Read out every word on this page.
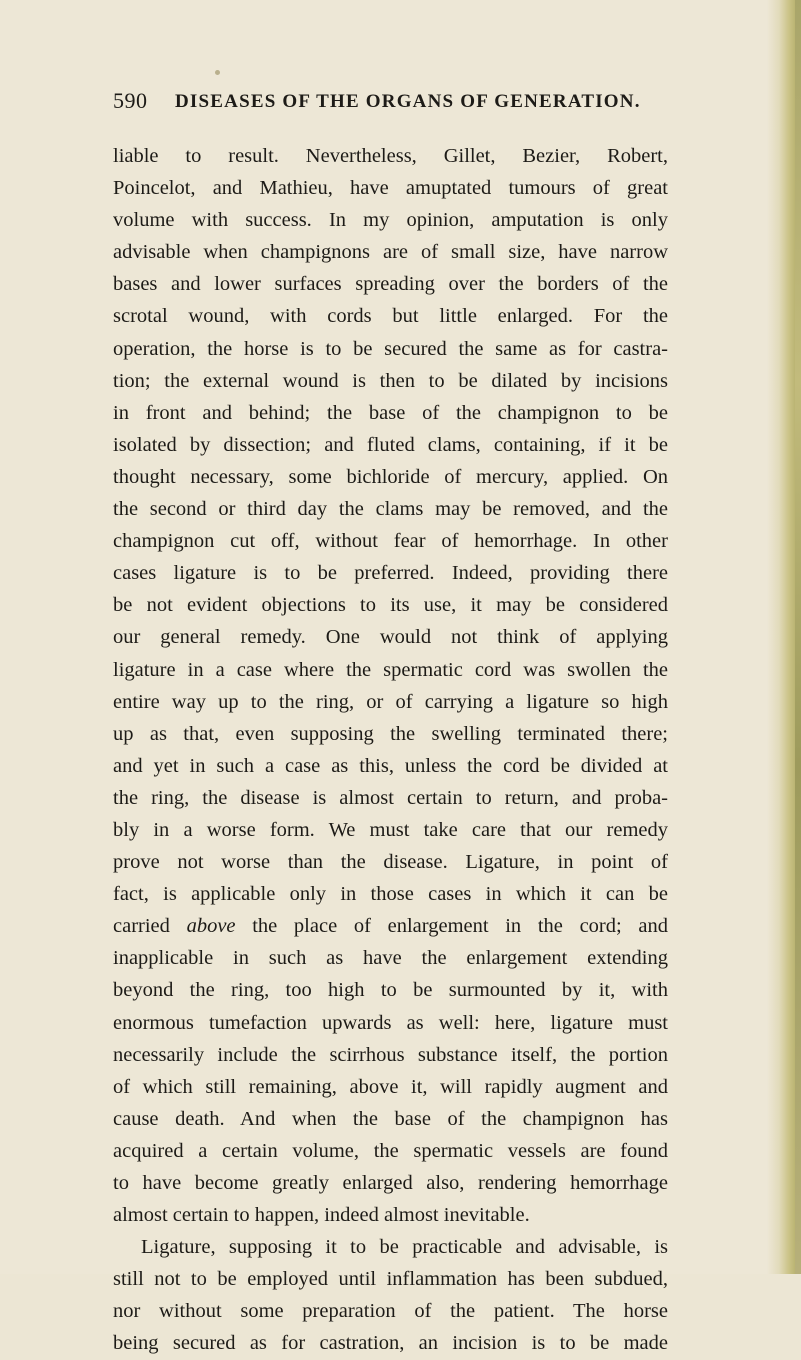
590 DISEASES OF THE ORGANS OF GENERATION.
liable to result. Nevertheless, Gillet, Bezier, Robert,
Poincelot, and Mathieu, have amuptated tumours of great
volume with success. In my opinion, amputation is only
advisable when champignons are of small size, have narrow
bases and lower surfaces spreading over the borders of the
scrotal wound, with cords but little enlarged. For the
operation, the horse is to be secured the same as for castra-
tion; the external wound is then to be dilated by incisions
in front and behind; the base of the champignon to be
isolated by dissection; and fluted clams, containing, if it be
thought necessary, some bichloride of mercury, applied. On
the second or third day the clams may be removed, and the
champignon cut off, without fear of hemorrhage. In other
cases ligature is to be preferred. Indeed, providing there
be not evident objections to its use, it may be considered
our general remedy. One would not think of applying
ligature in a case where the spermatic cord was swollen the
entire way up to the ring, or of carrying a ligature so high
up as that, even supposing the swelling terminated there;
and yet in such a case as this, unless the cord be divided at
the ring, the disease is almost certain to return, and proba-
bly in a worse form. We must take care that our remedy
prove not worse than the disease. Ligature, in point of
fact, is applicable only in those cases in which it can be
carried above the place of enlargement in the cord; and
inapplicable in such as have the enlargement extending
beyond the ring, too high to be surmounted by it, with
enormous tumefaction upwards as well: here, ligature must
necessarily include the scirrhous substance itself, the portion
of which still remaining, above it, will rapidly augment and
cause death. And when the base of the champignon has
acquired a certain volume, the spermatic vessels are found
to have become greatly enlarged also, rendering hemorrhage
almost certain to happen, indeed almost inevitable.
Ligature, supposing it to be practicable and advisable, is
still not to be employed until inflammation has been subdued,
nor without some preparation of the patient. The horse
being secured as for castration, an incision is to be made
